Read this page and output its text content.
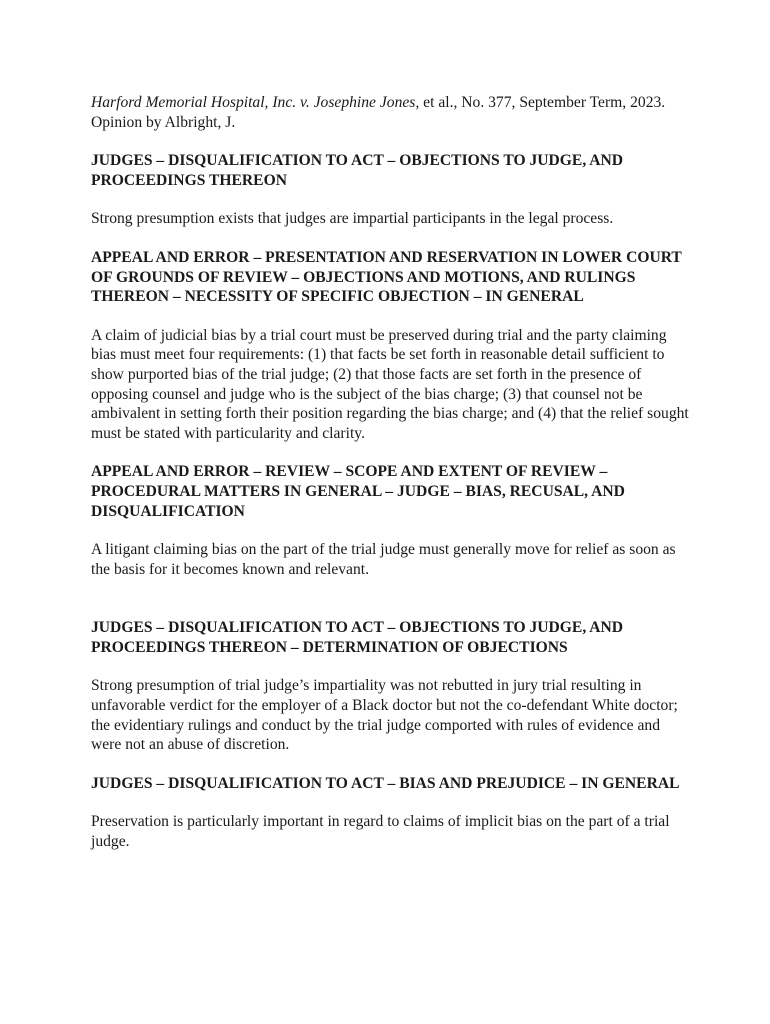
Harford Memorial Hospital, Inc. v. Josephine Jones, et al., No. 377, September Term, 2023. Opinion by Albright, J.

JUDGES – DISQUALIFICATION TO ACT – OBJECTIONS TO JUDGE, AND PROCEEDINGS THEREON

Strong presumption exists that judges are impartial participants in the legal process.

APPEAL AND ERROR – PRESENTATION AND RESERVATION IN LOWER COURT OF GROUNDS OF REVIEW – OBJECTIONS AND MOTIONS, AND RULINGS THEREON – NECESSITY OF SPECIFIC OBJECTION – IN GENERAL

A claim of judicial bias by a trial court must be preserved during trial and the party claiming bias must meet four requirements: (1) that facts be set forth in reasonable detail sufficient to show purported bias of the trial judge; (2) that those facts are set forth in the presence of opposing counsel and judge who is the subject of the bias charge; (3) that counsel not be ambivalent in setting forth their position regarding the bias charge; and (4) that the relief sought must be stated with particularity and clarity.

APPEAL AND ERROR – REVIEW – SCOPE AND EXTENT OF REVIEW – PROCEDURAL MATTERS IN GENERAL – JUDGE – BIAS, RECUSAL, AND DISQUALIFICATION

A litigant claiming bias on the part of the trial judge must generally move for relief as soon as the basis for it becomes known and relevant.

JUDGES – DISQUALIFICATION TO ACT – OBJECTIONS TO JUDGE, AND PROCEEDINGS THEREON – DETERMINATION OF OBJECTIONS

Strong presumption of trial judge’s impartiality was not rebutted in jury trial resulting in unfavorable verdict for the employer of a Black doctor but not the co-defendant White doctor; the evidentiary rulings and conduct by the trial judge comported with rules of evidence and were not an abuse of discretion.

JUDGES – DISQUALIFICATION TO ACT – BIAS AND PREJUDICE – IN GENERAL

Preservation is particularly important in regard to claims of implicit bias on the part of a trial judge.
